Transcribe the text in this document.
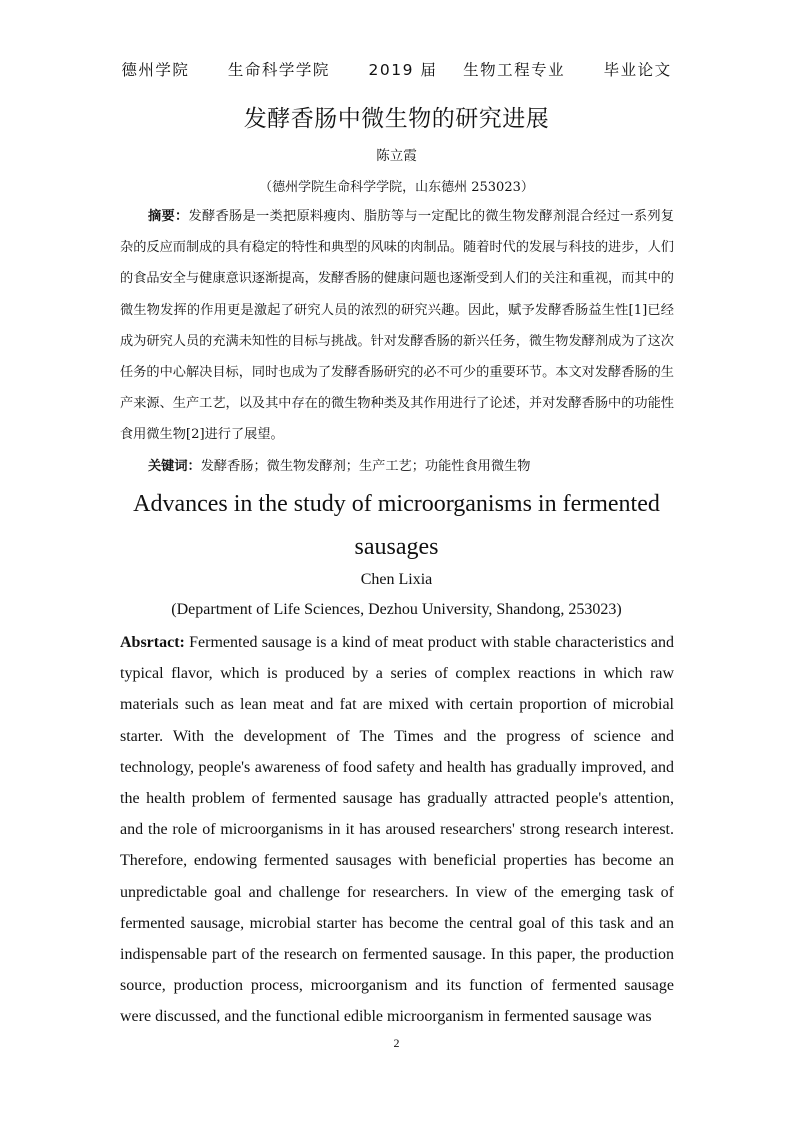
德州学院 生命科学学院 2019 届 生物工程专业 毕业论文
发酵香肠中微生物的研究进展
陈立霞
（德州学院生命科学学院，山东德州 253023）
摘要：发酵香肠是一类把原料瘦肉、脂肪等与一定配比的微生物发酵剂混合经过一系列复杂的反应而制成的具有稳定的特性和典型的风味的肉制品。随着时代的发展与科技的进步，人们的食品安全与健康意识逐渐提高，发酵香肠的健康问题也逐渐受到人们的关注和重视，而其中的微生物发挥的作用更是激起了研究人员的浓烈的研究兴趣。因此，赋予发酵香肠益生性[1]已经成为研究人员的充满未知性的目标与挑战。针对发酵香肠的新兴任务，微生物发酵剂成为了这次任务的中心解决目标，同时也成为了发酵香肠研究的必不可少的重要环节。本文对发酵香肠的生产来源、生产工艺，以及其中存在的微生物种类及其作用进行了论述，并对发酵香肠中的功能性食用微生物[2]进行了展望。
关键词：发酵香肠；微生物发酵剂；生产工艺；功能性食用微生物
Advances in the study of microorganisms in fermented sausages
Chen Lixia
(Department of Life Sciences, Dezhou University, Shandong, 253023)
Absrtact: Fermented sausage is a kind of meat product with stable characteristics and typical flavor, which is produced by a series of complex reactions in which raw materials such as lean meat and fat are mixed with certain proportion of microbial starter. With the development of The Times and the progress of science and technology, people's awareness of food safety and health has gradually improved, and the health problem of fermented sausage has gradually attracted people's attention, and the role of microorganisms in it has aroused researchers' strong research interest. Therefore, endowing fermented sausages with beneficial properties has become an unpredictable goal and challenge for researchers. In view of the emerging task of fermented sausage, microbial starter has become the central goal of this task and an indispensable part of the research on fermented sausage. In this paper, the production source, production process, microorganism and its function of fermented sausage were discussed, and the functional edible microorganism in fermented sausage was
2
